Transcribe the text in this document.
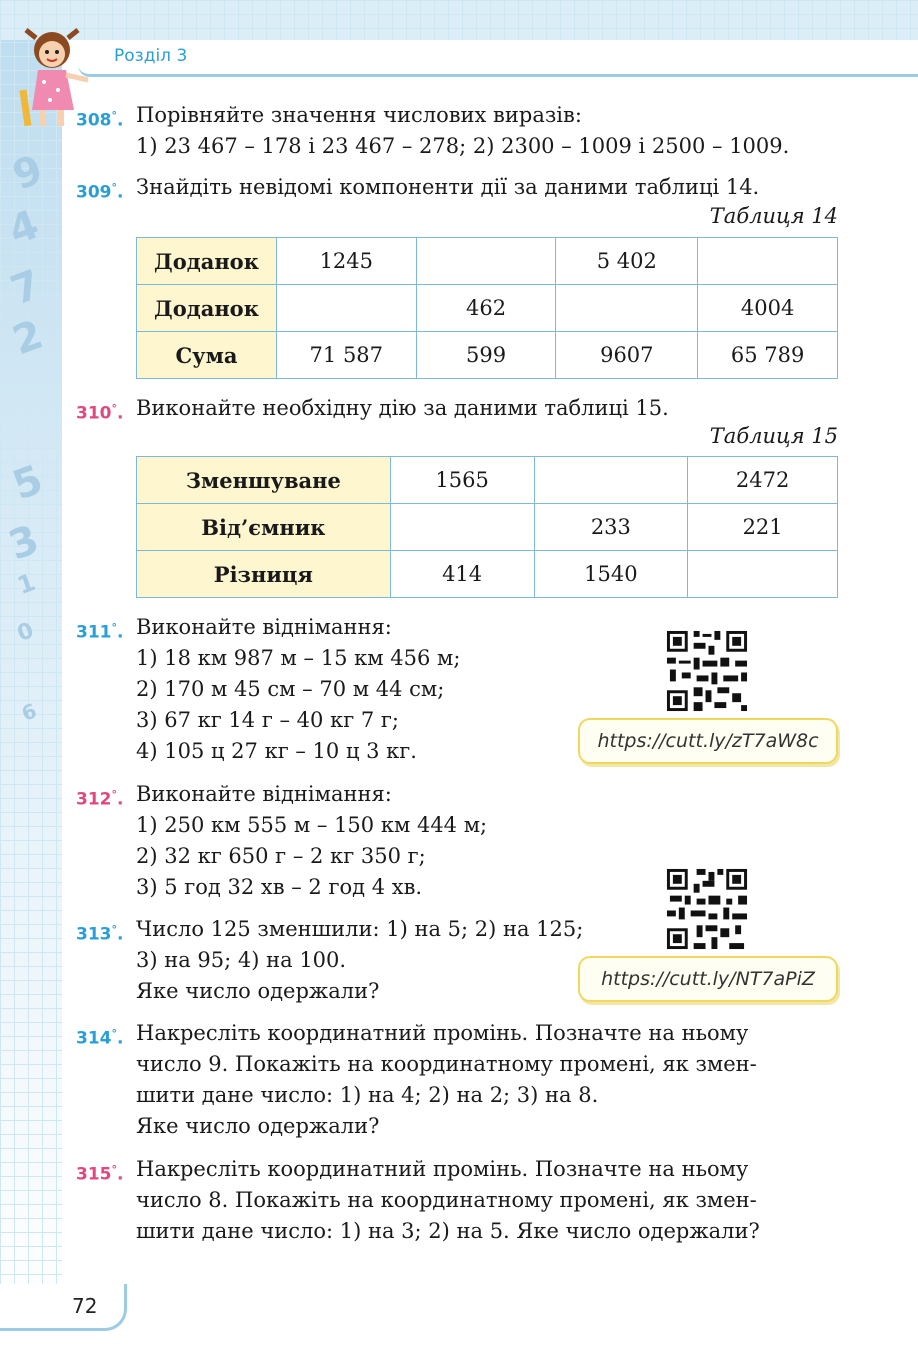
9
4
7
2
5
3
1
0
6
Розділ 3
308°. Порівняйте значення числових виразів:
1) 23 467 – 178 і 23 467 – 278; 2) 2300 – 1009 і 2500 – 1009.
309°. Знайдіть невідомі компоненти дії за даними таблиці 14.
Таблиця 14
Доданок	1245		5 402	
Доданок		462		4004
Сума	71 587	599	9607	65 789
310°. Виконайте необхідну дію за даними таблиці 15.
Таблиця 15
Зменшуване	1565		2472
Від’ємник		233	221
Різниця	414	1540	
311°. Виконайте віднімання:
1) 18 км 987 м – 15 км 456 м;
2) 170 м 45 см – 70 м 44 см;
3) 67 кг 14 г – 40 кг 7 г;
4) 105 ц 27 кг – 10 ц 3 кг.	https://cutt.ly/zT7aW8c
312°. Виконайте віднімання:
1) 250 км 555 м – 150 км 444 м;
2) 32 кг 650 г – 2 кг 350 г;
3) 5 год 32 хв – 2 год 4 хв.
313°. Число 125 зменшили: 1) на 5; 2) на 125;
3) на 95; 4) на 100.
Яке число одержали?	https://cutt.ly/NT7aPiZ
314°. Накресліть координатний промінь. Позначте на ньому
число 9. Покажіть на координатному промені, як змен-
шити дане число: 1) на 4; 2) на 2; 3) на 8.
Яке число одержали?
315°. Накресліть координатний промінь. Позначте на ньому
число 8. Покажіть на координатному промені, як змен-
шити дане число: 1) на 3; 2) на 5. Яке число одержали?
72
